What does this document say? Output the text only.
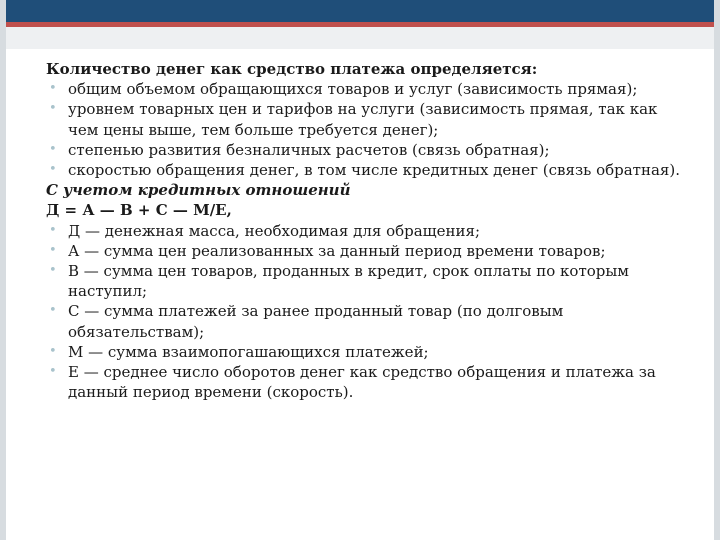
Количество денег как средство платежа определяется:

• общим объемом обращающихся товаров и услуг (зависимость прямая);

• уровнем товарных цен и тарифов на услуги (зависимость прямая, так как чем цены выше, тем больше требуется денег);

• степенью развития безналичных расчетов (связь обратная);

• скоростью обращения денег, в том числе кредитных денег (связь обратная).

С учетом кредитных отношений

Д = А — В + С — М/Е,

• Д — денежная масса, необходимая для обращения;

• А — сумма цен реализованных за данный период времени товаров;

• В — сумма цен товаров, проданных в кредит, срок оплаты по которым наступил;

• С — сумма платежей за ранее проданный товар (по долговым обязательствам);

• М — сумма взаимопогашающихся платежей;

• Е — среднее число оборотов денег как средство обращения и платежа за данный период времени (скорость).
